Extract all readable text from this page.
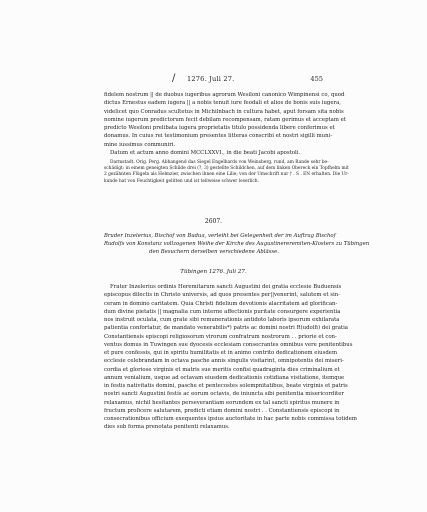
/ 1276. Juli 27.	455
fidelem nostrum || de duobus iugeribus agrorum Wesiloni canonico Wimpinensi co, quod
dictus Ernestus eadem iugera || a nobis tenuit iure feodali et alios de bonis suis iugera,
videlicet quo Conradus scultetus in Michilnbach in cultura habet, aput forsam sita nobis
nomine iugerum predictorum fecit debilam recompensam, ratam gerimus et acceptam et
predicto Wesiloni prelibata iugera proprietatis titulo possidenda libere conferimus et
donamus. In cuius rei testimonium presentes litteras conscribi et nostri sigilli muni-
mine iussimus communiri.
Datum et actum anno domini MCCLXXVI., in die beati Jacobi apostoli.
Darmstadt. Orig. Perg. Abhangend das Siegel Engelhards von Weinsberg, rund, am Rande sehr be-
schädigt: in einem geneigten Schilde drei (?, 3) gestellte Schildchen, auf dem linken Obereck ein Topfhelm mit
2 gezähnten Flügeln als Helmzier, zwischen ihnen eine Lilie; von der Umschrift nur † . S . EN erhalten. Die Ur-
kunde hat von Feuchtigkeit gelitten und ist teilweise schwer leserlich.
2607.
Bruder Inzelerius, Bischof von Budua, verleiht bei Gelegenheit der im Auftrag Bischof
Rudolfs von Konstanz vollzogenen Weihe der Kirche des Augustinereremiten-Klosters zu Tübingen
den Besuchern derselben verschiedene Ablässe.
Tübingen 1276. Juli 27.
Frater Inzelerius ordinis Heremitarum sancti Augustini dei gratia ecclesie Buduensis
episcopus dilectis in Christo universis, ad quos presentes per||venerint, salutem et sin-
ceram in domino caritatem. Quia Christi fidelium devotionis alacritatem ad glorifican-
dum divine pietatis || magnalia cum interne affectionis puritate consurgere experientia
nos instruit oculata, cum grate sibi remunerationis antidoto laboris ipsorum exhilarata
patientia confortatur, de mandato venerabilis*) patris ac domini nostri R(udolfi) dei gratia
Constantiensis episcopi religiosorum virorum confratrum nostrorum . . priorie et con-
ventus domus in Tuwingen sue dyocesis ecclesiam consecrantes omnibus vere penitentibus
et pure confessis, qui in spiritu humilitatis et in animo contrito dedicationem eiusdem
ecclesie celebrandam in octava pasche annis singulis visitarint, omnipotentis dei miseri-
cordia et gloriose virginis et matris sue meritis confisi quadraginta dies criminalium et
annum venialium, usque ad octavam eiusdem dedicationis cotidiana visitatione, itemque
in festis nativitatis domini, pasche et pentecostes solempnitatibus, beate virginis et patris
nostri sancti Augustini festis ac eorum octavis, de iniuncta sibi penitentia misericorditer
relaxamus, nichil hesitantes perseverantiam eorundem ex tal sancti spiritus munere in
fructum proficere salutarem, predicti etiam domini nostri . . Constantiensis episcopi in
consecrationibus officium exequentes ipsius auctoritate in hac parte nobis commissa totidem
dies sub forma prenotata penitenti relaxamus.
